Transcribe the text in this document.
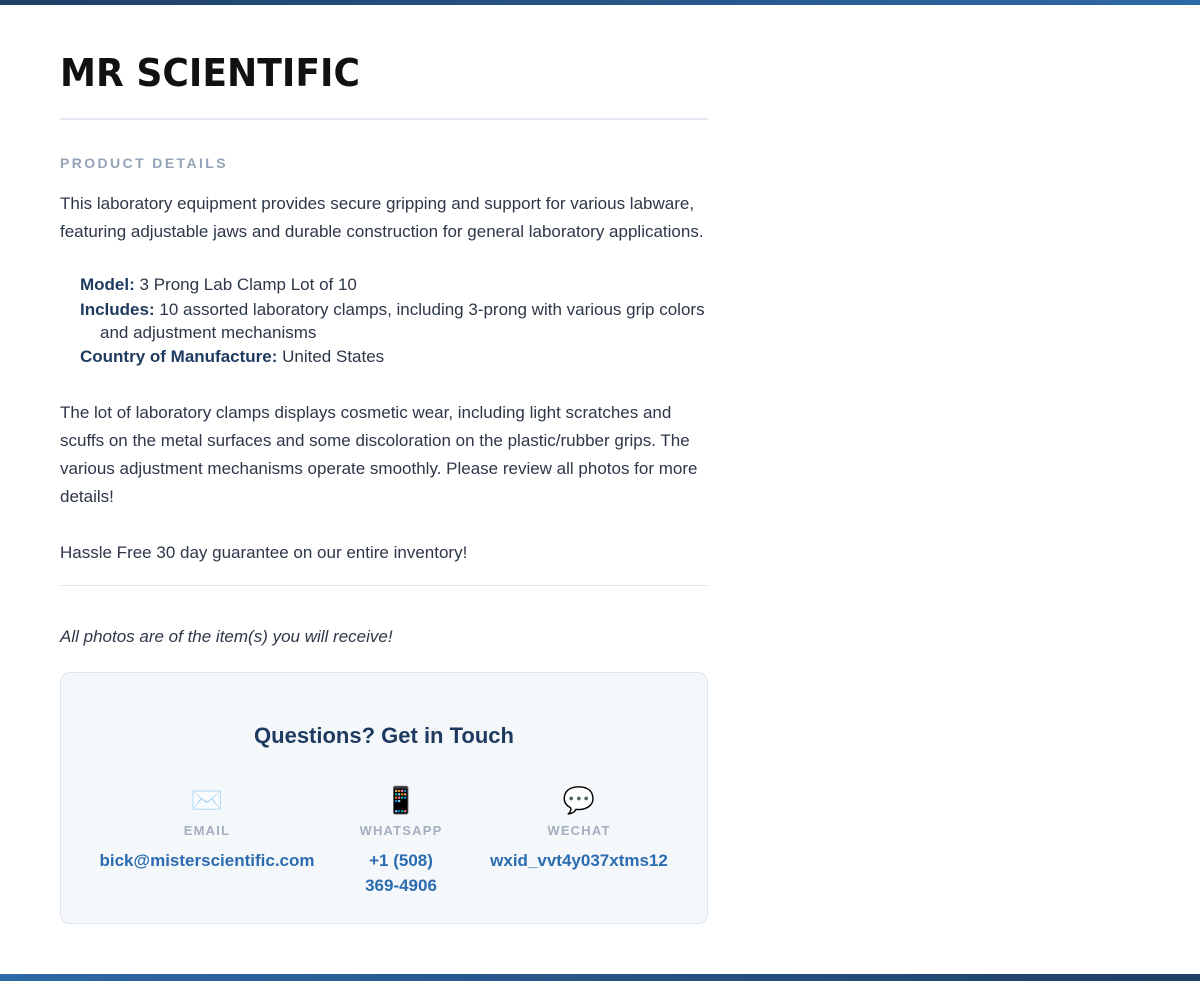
MR SCIENTIFIC
PRODUCT DETAILS
This laboratory equipment provides secure gripping and support for various labware, featuring adjustable jaws and durable construction for general laboratory applications.
Model: 3 Prong Lab Clamp Lot of 10
Includes: 10 assorted laboratory clamps, including 3-prong with various grip colors and adjustment mechanisms
Country of Manufacture: United States
The lot of laboratory clamps displays cosmetic wear, including light scratches and scuffs on the metal surfaces and some discoloration on the plastic/rubber grips. The various adjustment mechanisms operate smoothly. Please review all photos for more details!
Hassle Free 30 day guarantee on our entire inventory!
All photos are of the item(s) you will receive!
Questions? Get in Touch
✉️
EMAIL
bick@misterscientific.com
📱
WHATSAPP
+1 (508) 369-4906
💬
WECHAT
wxid_vvt4y037xtms12
